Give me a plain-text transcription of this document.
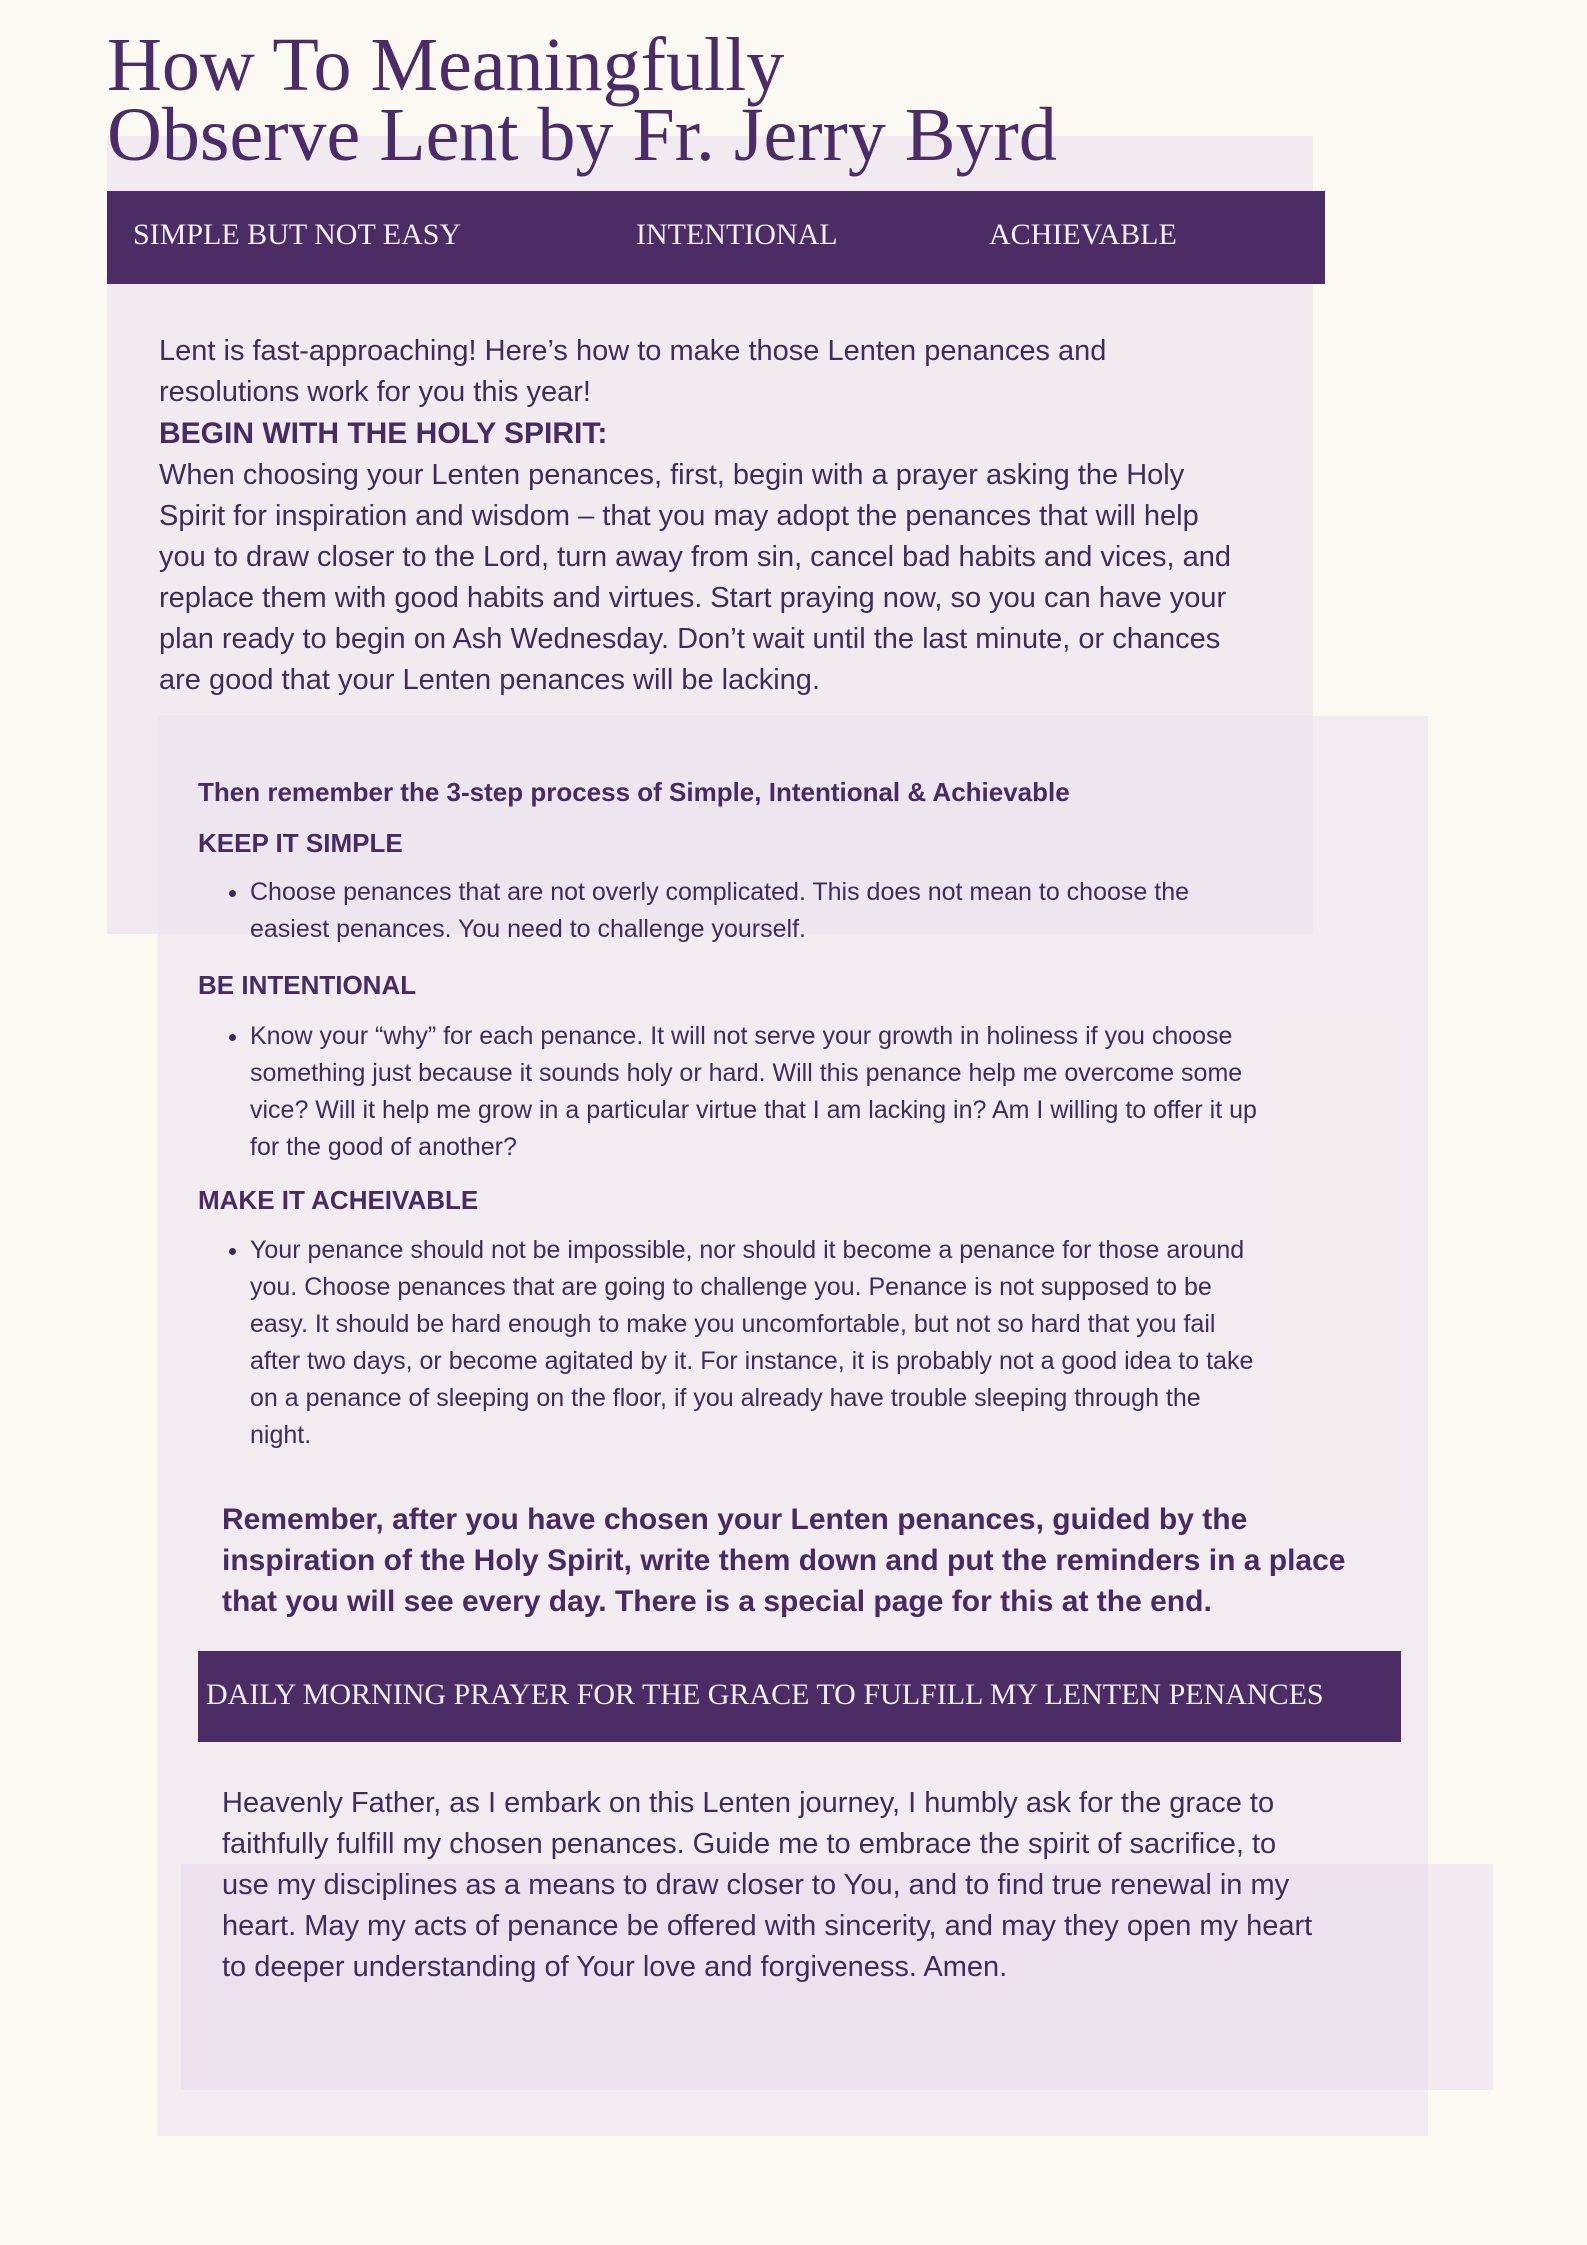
How To Meaningfully
Observe Lent by Fr. Jerry Byrd
SIMPLE BUT NOT EASY	INTENTIONAL	ACHIEVABLE

Lent is fast-approaching! Here’s how to make those Lenten penances and resolutions work for you this year!

BEGIN WITH THE HOLY SPIRIT:

When choosing your Lenten penances, first, begin with a prayer asking the Holy Spirit for inspiration and wisdom – that you may adopt the penances that will help you to draw closer to the Lord, turn away from sin, cancel bad habits and vices, and replace them with good habits and virtues. Start praying now, so you can have your plan ready to begin on Ash Wednesday. Don’t wait until the last minute, or chances are good that your Lenten penances will be lacking.

Then remember the 3-step process of Simple, Intentional & Achievable

KEEP IT SIMPLE
• Choose penances that are not overly complicated. This does not mean to choose the easiest penances. You need to challenge yourself.
BE INTENTIONAL
• Know your “why” for each penance. It will not serve your growth in holiness if you choose something just because it sounds holy or hard. Will this penance help me overcome some vice? Will it help me grow in a particular virtue that I am lacking in? Am I willing to offer it up for the good of another?
MAKE IT ACHEIVABLE
• Your penance should not be impossible, nor should it become a penance for those around you. Choose penances that are going to challenge you. Penance is not supposed to be easy. It should be hard enough to make you uncomfortable, but not so hard that you fail after two days, or become agitated by it. For instance, it is probably not a good idea to take on a penance of sleeping on the floor, if you already have trouble sleeping through the night.

Remember, after you have chosen your Lenten penances, guided by the inspiration of the Holy Spirit, write them down and put the reminders in a place that you will see every day. There is a special page for this at the end.

DAILY MORNING PRAYER FOR THE GRACE TO FULFILL MY LENTEN PENANCES

Heavenly Father, as I embark on this Lenten journey, I humbly ask for the grace to faithfully fulfill my chosen penances. Guide me to embrace the spirit of sacrifice, to use my disciplines as a means to draw closer to You, and to find true renewal in my heart. May my acts of penance be offered with sincerity, and may they open my heart to deeper understanding of Your love and forgiveness. Amen.
